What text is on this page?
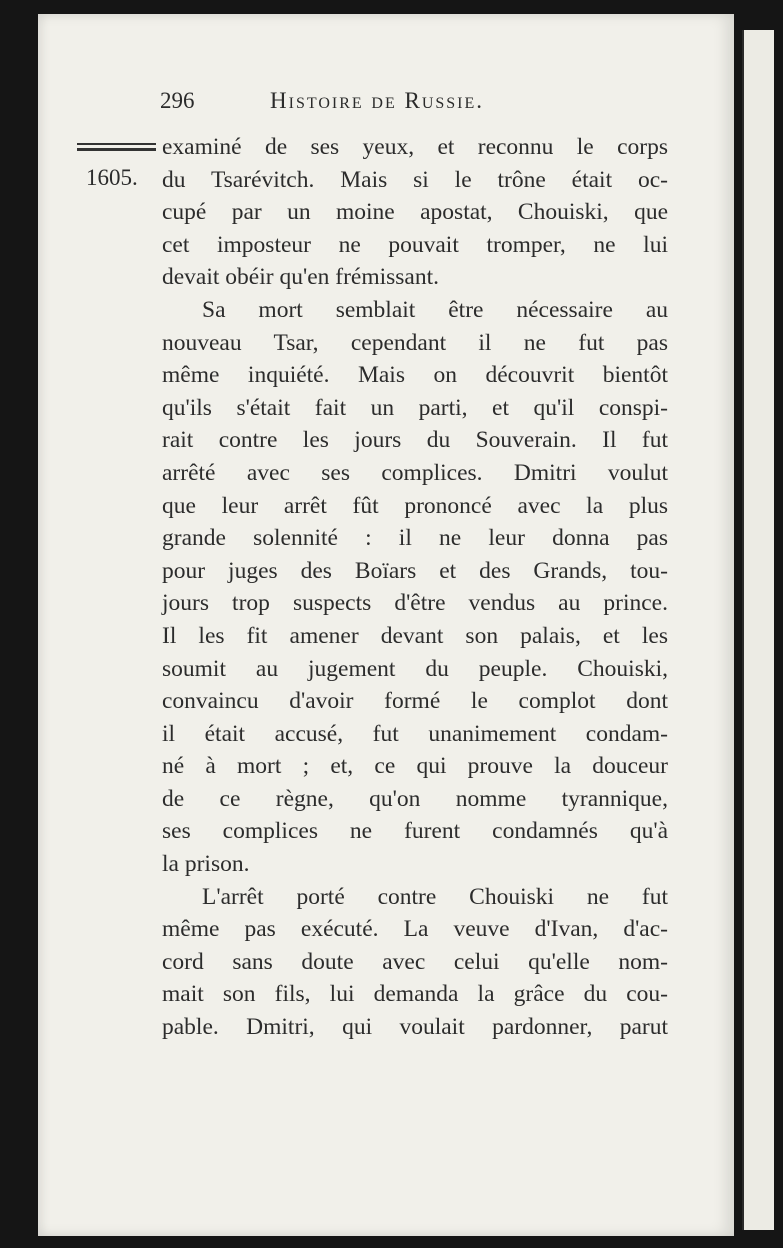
296	Histoire de Russie.
1605.
examiné de ses yeux, et reconnu le corps
du Tsarévitch. Mais si le trône était oc-
cupé par un moine apostat, Chouiski, que
cet imposteur ne pouvait tromper, ne lui
devait obéir qu'en frémissant.
Sa mort semblait être nécessaire au
nouveau Tsar, cependant il ne fut pas
même inquiété. Mais on découvrit bientôt
qu'ils s'était fait un parti, et qu'il conspi-
rait contre les jours du Souverain. Il fut
arrêté avec ses complices. Dmitri voulut
que leur arrêt fût prononcé avec la plus
grande solennité : il ne leur donna pas
pour juges des Boïars et des Grands, tou-
jours trop suspects d'être vendus au prince.
Il les fit amener devant son palais, et les
soumit au jugement du peuple. Chouiski,
convaincu d'avoir formé le complot dont
il était accusé, fut unanimement condam-
né à mort ; et, ce qui prouve la douceur
de ce règne, qu'on nomme tyrannique,
ses complices ne furent condamnés qu'à
la prison.
L'arrêt porté contre Chouiski ne fut
même pas exécuté. La veuve d'Ivan, d'ac-
cord sans doute avec celui qu'elle nom-
mait son fils, lui demanda la grâce du cou-
pable. Dmitri, qui voulait pardonner, parut
